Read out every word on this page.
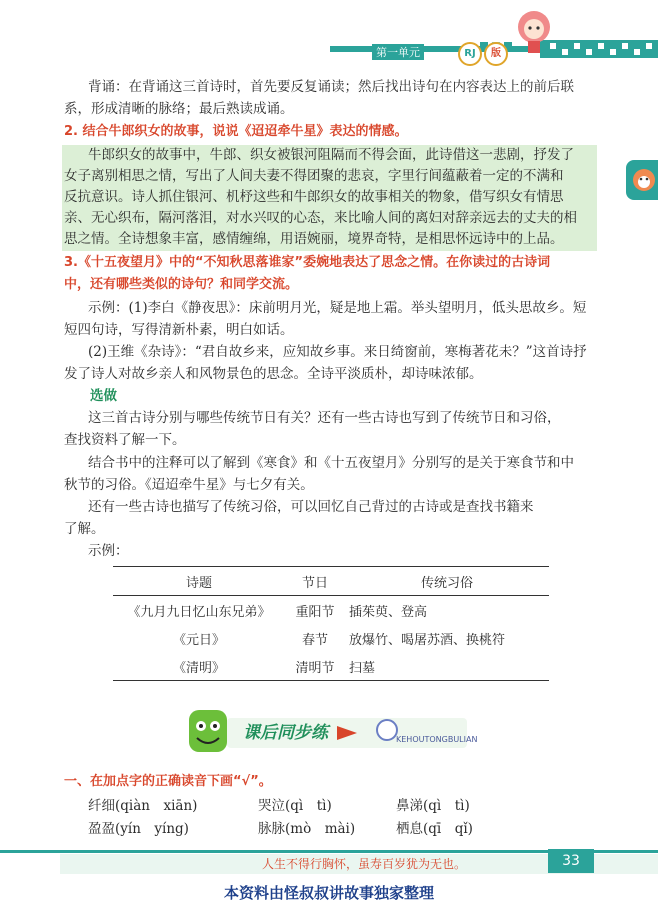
第一单元	RJ	版

背诵：在背诵这三首诗时，首先要反复诵读；然后找出诗句在内容表达上的前后联

系，形成清晰的脉络；最后熟读成诵。

2. 结合牛郎织女的故事，说说《迢迢牵牛星》表达的情感。

牛郎织女的故事中，牛郎、织女被银河阻隔而不得会面，此诗借这一悲剧，抒发了

女子离别相思之情，写出了人间夫妻不得团聚的悲哀，字里行间蕴蔽着一定的不满和

反抗意识。诗人抓住银河、机杼这些和牛郎织女的故事相关的物象，借写织女有情思

亲、无心织布，隔河落泪，对水兴叹的心态，来比喻人间的离妇对辞亲远去的丈夫的相

思之情。全诗想象丰富，感情缠绵，用语婉丽，境界奇特，是相思怀远诗中的上品。

3.《十五夜望月》中的“不知秋思落谁家”委婉地表达了思念之情。在你读过的古诗词

中，还有哪些类似的诗句？和同学交流。

示例：(1)李白《静夜思》：床前明月光，疑是地上霜。举头望明月，低头思故乡。短

短四句诗，写得清新朴素，明白如话。

(2)王维《杂诗》：“君自故乡来，应知故乡事。来日绮窗前，寒梅著花未？”这首诗抒

发了诗人对故乡亲人和风物景色的思念。全诗平淡质朴，却诗味浓郁。

选做

这三首古诗分别与哪些传统节日有关？还有一些古诗也写到了传统节日和习俗，

查找资料了解一下。

结合书中的注释可以了解到《寒食》和《十五夜望月》分别写的是关于寒食节和中

秋节的习俗。《迢迢牵牛星》与七夕有关。

还有一些古诗也描写了传统习俗，可以回忆自己背过的古诗或是查找书籍来

了解。

示例：

诗题	节日	传统习俗
《九月九日忆山东兄弟》	重阳节	插茱萸、登高
《元日》	春节	放爆竹、喝屠苏酒、换桃符
《清明》	清明节	扫墓
课后同步练	KEHOUTONGBULIAN

一、在加点字的正确读音下画“√”。

纤细(qiàn　xiān)	哭泣(qì　tì)	鼻涕(qì　tì)

盈盈(yín　yíng)	脉脉(mò　mài)	栖息(qī　qǐ)

人生不得行胸怀，虽寿百岁犹为无也。	33
本资料由怪叔叔讲故事独家整理
